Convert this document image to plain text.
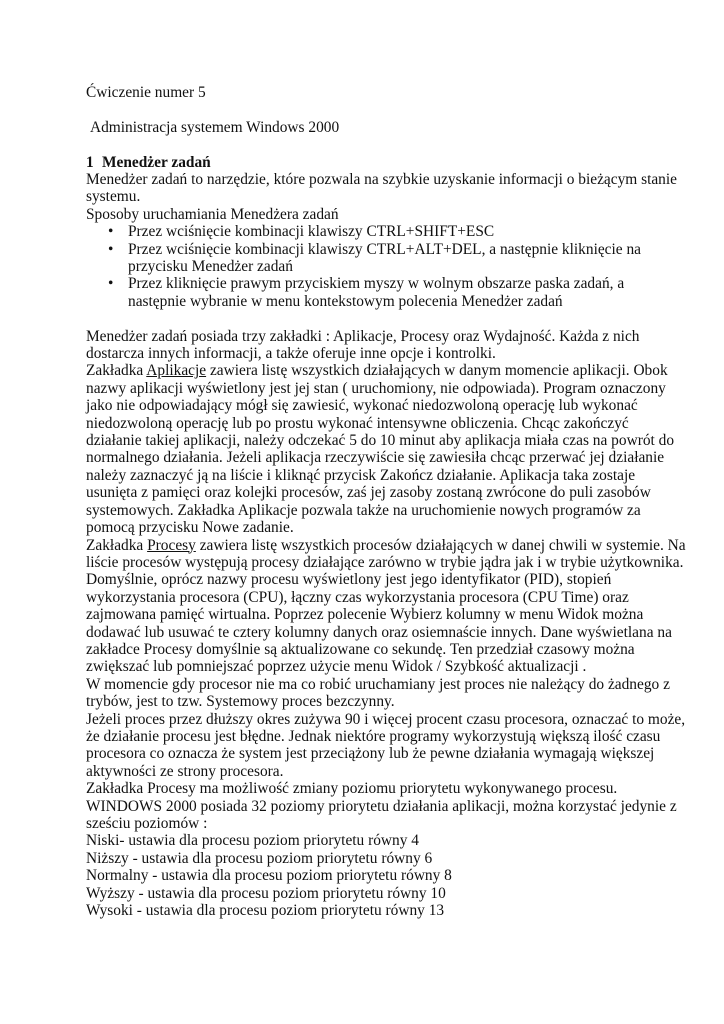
Ćwiczenie numer 5

Administracja systemem Windows 2000

1 Menedżer zadań

Menedżer zadań to narzędzie, które pozwala na szybkie uzyskanie informacji o bieżącym stanie systemu.

Sposoby uruchamiania Menedżera zadań

• Przez wciśnięcie kombinacji klawiszy CTRL+SHIFT+ESC
• Przez wciśnięcie kombinacji klawiszy CTRL+ALT+DEL, a następnie kliknięcie na przycisku Menedżer zadań
• Przez kliknięcie prawym przyciskiem myszy w wolnym obszarze paska zadań, a następnie wybranie w menu kontekstowym polecenia Menedżer zadań

Menedżer zadań posiada trzy zakładki : Aplikacje, Procesy oraz Wydajność. Każda z nich dostarcza innych informacji, a także oferuje inne opcje i kontrolki.

Zakładka Aplikacje zawiera listę wszystkich działających w danym momencie aplikacji. Obok nazwy aplikacji wyświetlony jest jej stan ( uruchomiony, nie odpowiada). Program oznaczony jako nie odpowiadający mógł się zawiesić, wykonać niedozwoloną operację lub wykonać niedozwoloną operację lub po prostu wykonać intensywne obliczenia. Chcąc zakończyć działanie takiej aplikacji, należy odczekać 5 do 10 minut aby aplikacja miała czas na powrót do normalnego działania. Jeżeli aplikacja rzeczywiście się zawiesiła chcąc przerwać jej działanie należy zaznaczyć ją na liście i kliknąć przycisk Zakończ działanie. Aplikacja taka zostaje usunięta z pamięci oraz kolejki procesów, zaś jej zasoby zostaną zwrócone do puli zasobów systemowych. Zakładka Aplikacje pozwala także na uruchomienie nowych programów za pomocą przycisku Nowe zadanie.

Zakładka Procesy zawiera listę wszystkich procesów działających w danej chwili w systemie. Na liście procesów występują procesy działające zarówno w trybie jądra jak i w trybie użytkownika. Domyślnie, oprócz nazwy procesu wyświetlony jest jego identyfikator (PID), stopień wykorzystania procesora (CPU), łączny czas wykorzystania procesora (CPU Time) oraz zajmowana pamięć wirtualna. Poprzez polecenie Wybierz kolumny w menu Widok można dodawać lub usuwać te cztery kolumny danych oraz osiemnaście innych. Dane wyświetlana na zakładce Procesy domyślnie są aktualizowane co sekundę. Ten przedział czasowy można zwiększać lub pomniejszać poprzez użycie menu Widok / Szybkość aktualizacji .

W momencie gdy procesor nie ma co robić uruchamiany jest proces nie należący do żadnego z trybów, jest to tzw. Systemowy proces bezczynny.

Jeżeli proces przez dłuższy okres zużywa 90 i więcej procent czasu procesora, oznaczać to może, że działanie procesu jest błędne. Jednak niektóre programy wykorzystują większą ilość czasu procesora co oznacza że system jest przeciążony lub że pewne działania wymagają większej aktywności ze strony procesora.

Zakładka Procesy ma możliwość zmiany poziomu priorytetu wykonywanego procesu. WINDOWS 2000 posiada 32 poziomy priorytetu działania aplikacji, można korzystać jedynie z sześciu poziomów :

Niski- ustawia dla procesu poziom priorytetu równy 4

Niższy - ustawia dla procesu poziom priorytetu równy 6

Normalny - ustawia dla procesu poziom priorytetu równy 8

Wyższy - ustawia dla procesu poziom priorytetu równy 10

Wysoki - ustawia dla procesu poziom priorytetu równy 13
